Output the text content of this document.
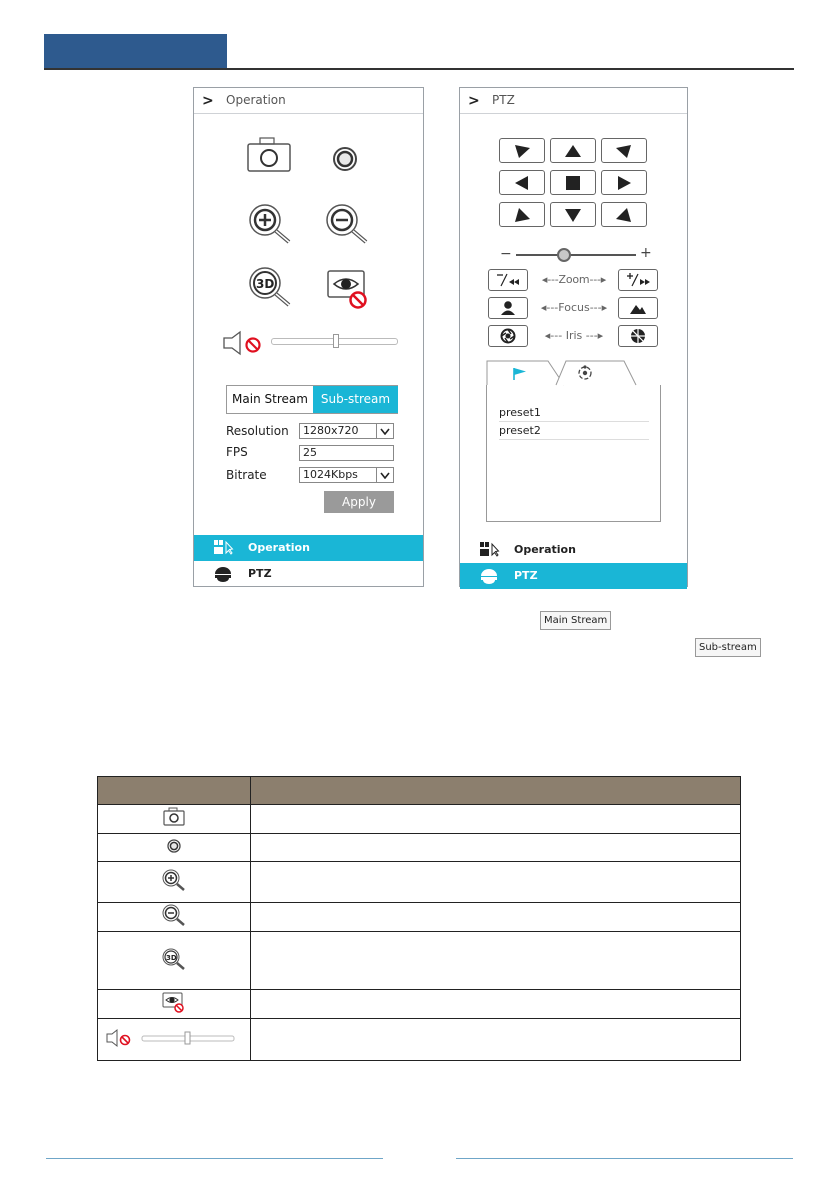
> Operation
3D
Main Stream	Sub-stream
Resolution	1280x720
FPS	25
Bitrate	1024Kbps
Apply
Operation
PTZ
> PTZ
−	+
◂---Zoom---▸
◂---Focus---▸
◂--- Iris ---▸
preset1
preset2
Operation
PTZ
Main Stream
Sub-stream

3D	
